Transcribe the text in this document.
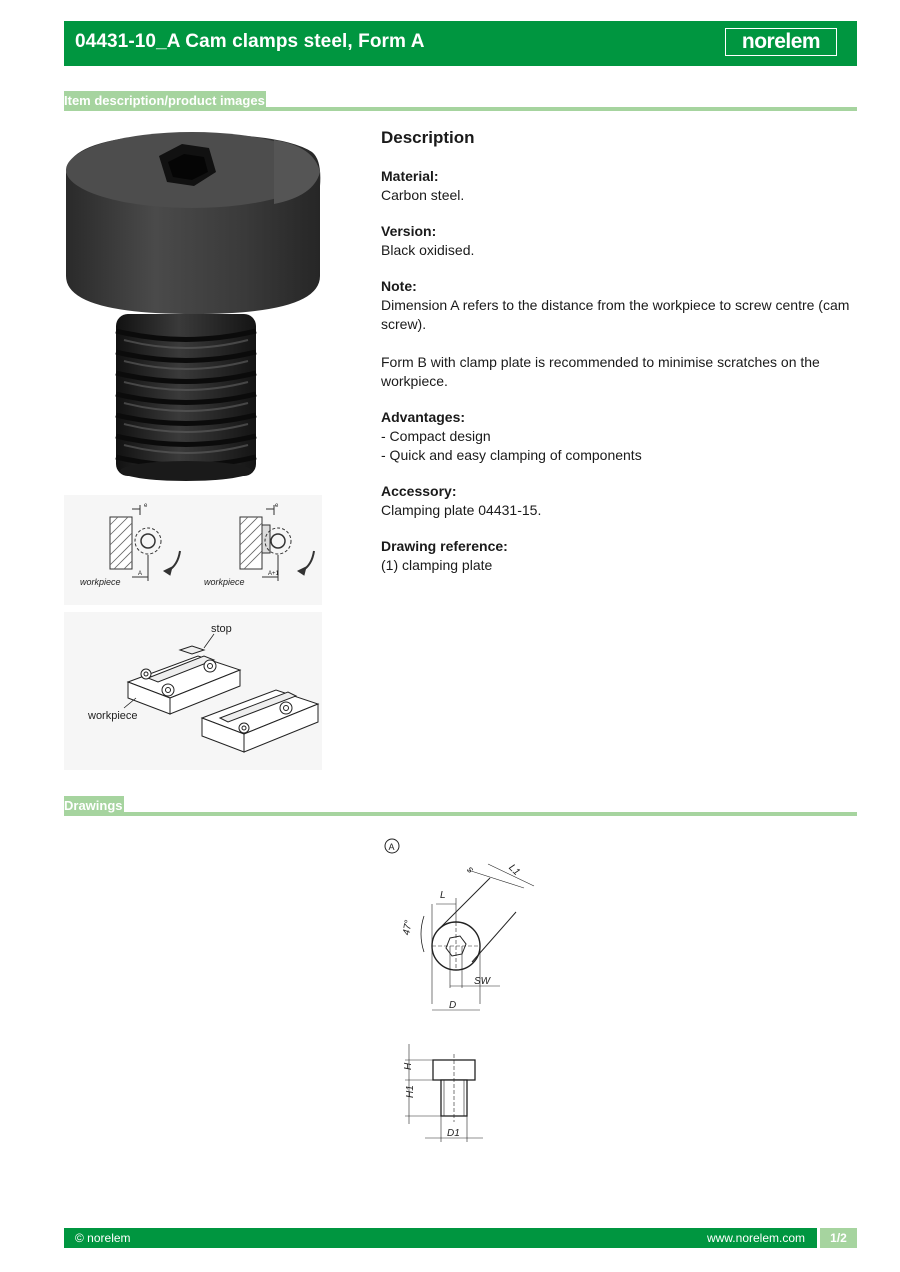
04431-10_A Cam clamps steel, Form A	norelem
Item description/product images
workpiece	workpiece
A	A+1
e	e
stop
workpiece
Description
Material:
Carbon steel.
Version:
Black oxidised.
Note:
Dimension A refers to the distance from the workpiece to screw centre (cam screw).
Form B with clamp plate is recommended to minimise scratches on the workpiece.
Advantages:
- Compact design
- Quick and easy clamping of components
Accessory:
Clamping plate 04431-15.
Drawing reference:
(1) clamping plate
Drawings
A
47°
L
L1
s
SW
D
H
H1
D1
© norelem	www.norelem.com	1/2
